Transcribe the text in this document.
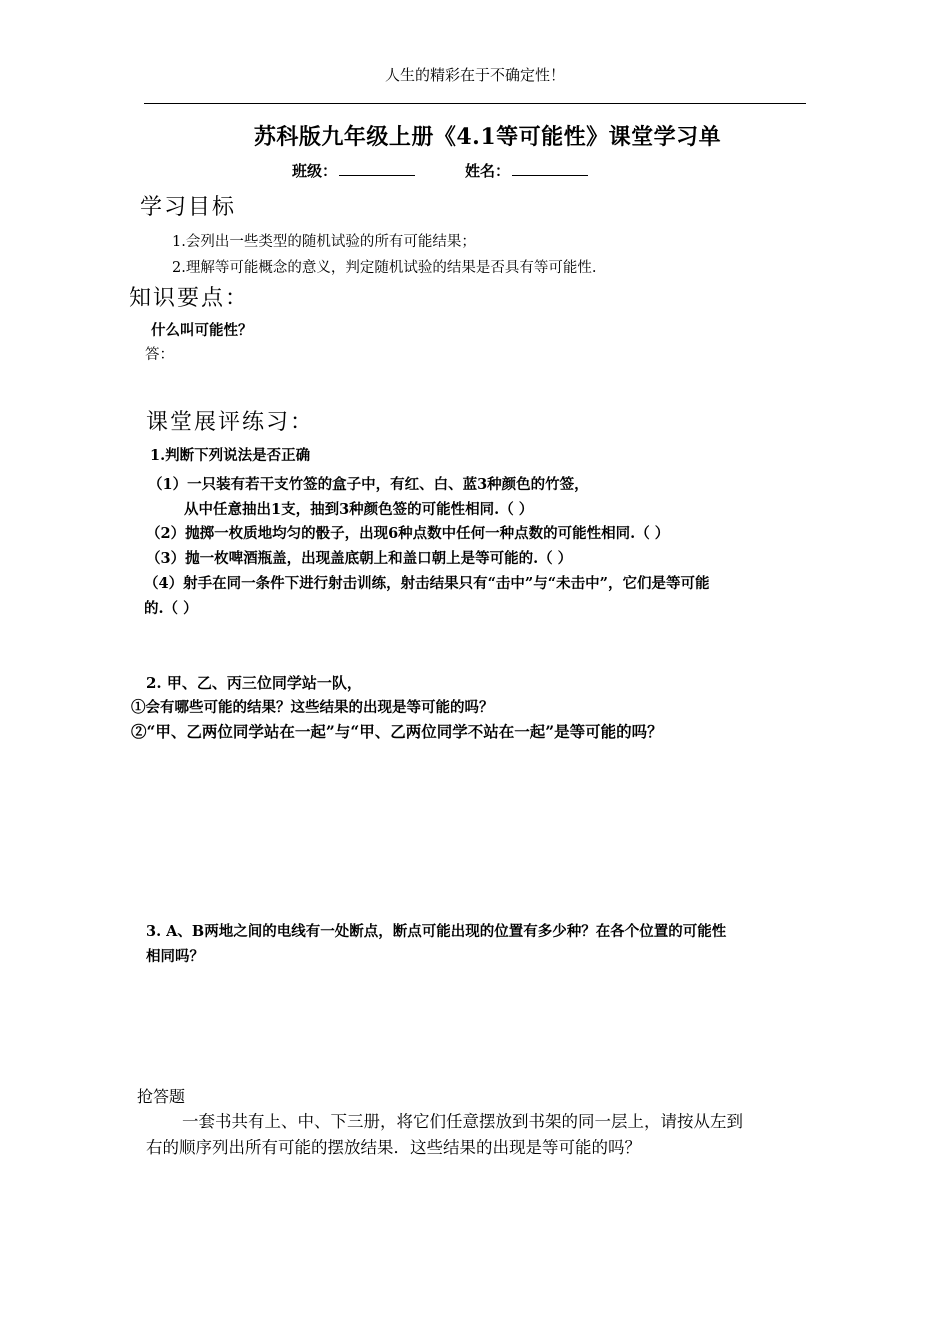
人生的精彩在于不确定性！
苏科版九年级上册《4.1等可能性》课堂学习单
班级：	姓名：
学习目标
1.会列出一些类型的随机试验的所有可能结果；
2.理解等可能概念的意义，判定随机试验的结果是否具有等可能性.
知识要点：
什么叫可能性？
答：
课堂展评练习：
1.判断下列说法是否正确
（1）一只装有若干支竹签的盒子中，有红、白、蓝3种颜色的竹签，
从中任意抽出1支，抽到3种颜色签的可能性相同.（ ）
（2）抛掷一枚质地均匀的骰子，出现6种点数中任何一种点数的可能性相同.（ ）
（3）抛一枚啤酒瓶盖，出现盖底朝上和盖口朝上是等可能的.（ ）
（4）射手在同一条件下进行射击训练，射击结果只有“击中”与“未击中”，它们是等可能
的.（ ）
2. 甲、乙、丙三位同学站一队，
①会有哪些可能的结果？这些结果的出现是等可能的吗？
②“甲、乙两位同学站在一起”与“甲、乙两位同学不站在一起”是等可能的吗？
3. A、B两地之间的电线有一处断点，断点可能出现的位置有多少种？在各个位置的可能性
相同吗？
抢答题
一套书共有上、中、下三册，将它们任意摆放到书架的同一层上，请按从左到
右的顺序列出所有可能的摆放结果．这些结果的出现是等可能的吗？
